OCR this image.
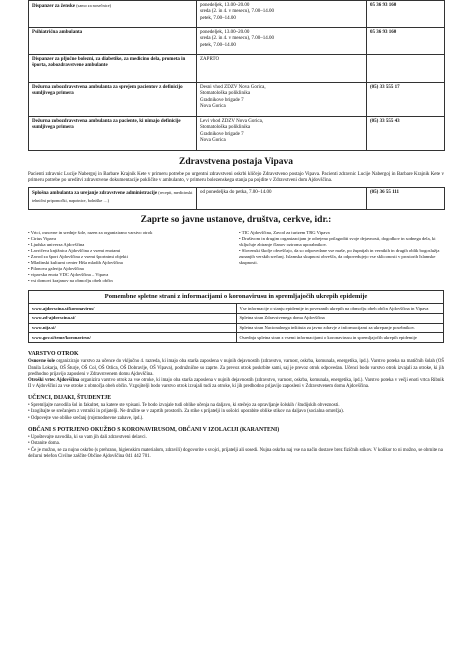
Dispanzer za ženske (samo za nosečnice)	ponedeljek, 13.00–20.00
sreda (2. in 4. v mesecu), 7.00–14.00
petek, 7.00–14.00	05 36 93 160
Psihiatrična ambulanta	ponedeljek, 13.00–20.00
sreda (2. in 4. v mesecu), 7.00–14.00
petek, 7.00–14.00	05 36 93 160
Dispanzer za pljučne bolezni, za diabetike, za medicino dela, prometa in športa, zobozdravstvene ambulante	ZAPRTO	

Dežurna zobozdravstvena ambulanta za sprejem pacientov z definicijo sumljivega primera	Desni vhod ZDZV Nova Gorica,
Stomatološka poliklinika
Gradnikove brigade 7
Nova Gorica	(05) 33 555 17
Dežurna zobozdravstvena ambulanta za paciente, ki nimajo definicije sumljivega primera	Levi vhod ZDZV Nova Gorica,
Stomatološka poliklinika
Gradnikove brigade 7
Nova Gorica	(05) 33 555 43
Zdravstvena postaja Vipava

Pacienti zdravnic Lucije Nabergoj in Barbare Krajnik Kete v primeru potrebe po urgentni zdravstveni oskrbi kličejo Zdravstveno postajo Vipava. Pacienti zdravnic Lucije Nabergoj in Barbare Krajnik Kete v primeru potrebe po ureditvi zdravstvene dokumentacije pokličite v ambulanto, v primeru bolezenskega stanja pa pojdite v Zdravstveni dom Ajdovščina.

Splošna ambulanta za urejanje zdravstvene administracije (recepti, medicinski tehnični pripomočki, napotnice, bolniške …)	od ponedeljka do petka, 7.00–14.00	(05) 36 55 111
Zaprte so javne ustanove, društva, cerkve, idr.:
• Vrtci, osnovne in srednje šole, razen za organizirano varstvo otrok
• Cirius Vipava
• Ljudska univerza Ajdovščina
• Lavričeva knjižnica Ajdovščina z vsemi enotami
• Zavod za šport Ajdovščina z vsemi športnimi objekti
• Mladinski kulturni center Hiša mladih Ajdovščina
• Pilonova galerija Ajdovščina
• vipavska enota VDC Ajdovščina – Vipava
• vsi domovi krajanov na območju obeh občin
• TIC Ajdovščina, Zavod za turizem TRG Vipava
• Društvom in drugim organizacijam je odrejeno prilagoditi svoje dejavnosti, dogodkov in sodnega dela, ki vključuje zbiranje članov oziroma uporabnikov.
• Slovenski škofje obveščajo, da so odpovedane vse maše, po župnijah in vernikih in drugih oblik bogoslužja zunanjih verskih srečanj. Islamska skupnost obvešča, da odpovedujejo vse skliconosti v prostorih Islamske skupnosti.
Pomembne spletne strani z informacijami o koronavirusu in spremljajočih ukrepih epidemije	
www.ajdovscina.si/koronavirus/	Vse informacije o stanju epidemije in povezanih ukrepih na območju obeh občin Ajdovščina in Vipava
www.zd-ajdovscina.si/	Spletna stran Zdravstvenega doma Ajdovščina
www.nijz.si/	Spletna stran Nacionalnega inštituta za javno zdravje z informacijami za ukrepanje posebnikov.
www.gov.si/teme/koronavirus/	Osrednja spletna stran z vsemi informacijami o koronavirusu in spremljajočih ukrepih epidemije
VARSTVO OTROK

Osnovne šole organizirajo varstvo za učence do vključno 4. razreda, ki imajo oba starša zaposlena v nujnih dejavnostih (zdravstvo, varnost, oskrba, komunala, energetika, ipd.). Varstvo poteka na matičnih šolah (OŠ Danila Lokarja, OŠ Šturje, OŠ Col, OŠ Otlica, OŠ Dobravlje, OŠ Vipava), podružnične so zaprte. Za prevoz otrok poskrbite sami, saj je prevoz otrok odpovedan. Učenci bodo varstvo otrok izvajali za otroke, ki jih predhodno prijavijo zaposleni v Zdravstvenem domu Ajdovščina.

Otroški vrtec Ajdovščina organizira varstvo otrok za vse otroke, ki imajo oba starša zaposlena v nujnih dejavnostih (zdravstvo, varnost, oskrba, komunala, energetika, ipd.). Varstvo poteka v večji enoti vrtca Ribnik II v Ajdovščini za vse otroke z območja obeh občin. Vzgojitelji bodo varstvo otrok izvajali tudi za otroke, ki jih predhodno prijavijo zaposleni v Zdravstvenem domu Ajdovščina.

UČENCI, DIJAKI, ŠTUDENTJE
• Spremljajte navodila šol in fakultet, na katere ste vpisani. Te bodo izvajale tudi oblike učenja na daljavo, ki stečejo za opravljanje šolskih / študijskih obveznosti.
• Izogibajte se srečanjem z vrstniki in prijatelji. Ne družite se v zaprtih prostorih. Za stike s prijatelji in sošolci uporabite oblike stikov na daljavo (socialna omrežja).
• Odpovejte vse oblike srečanj (rojstnodnevne zabave, ipd.).
OBČANI S POTRJENO OKUŽBO S KORONAVIRUSOM, OBČANI V IZOLACIJI (KARANTENI)
• Upoštevajte navodila, ki so vam jih dali zdravstveni delavci.
• Ostanite doma.
• Če je možno, se za nujno oskrbo (s prehrano, higienskim materialom, zdravili) dogovorite s svojci, prijatelji ali sosedi. Nujna oskrba naj vse na način dostave brez fizičnih stikov. V kolikor to ni možno, se obrnite na dežurni telefon Civilne zaščite Občine Ajdovščina 041 442 701.
